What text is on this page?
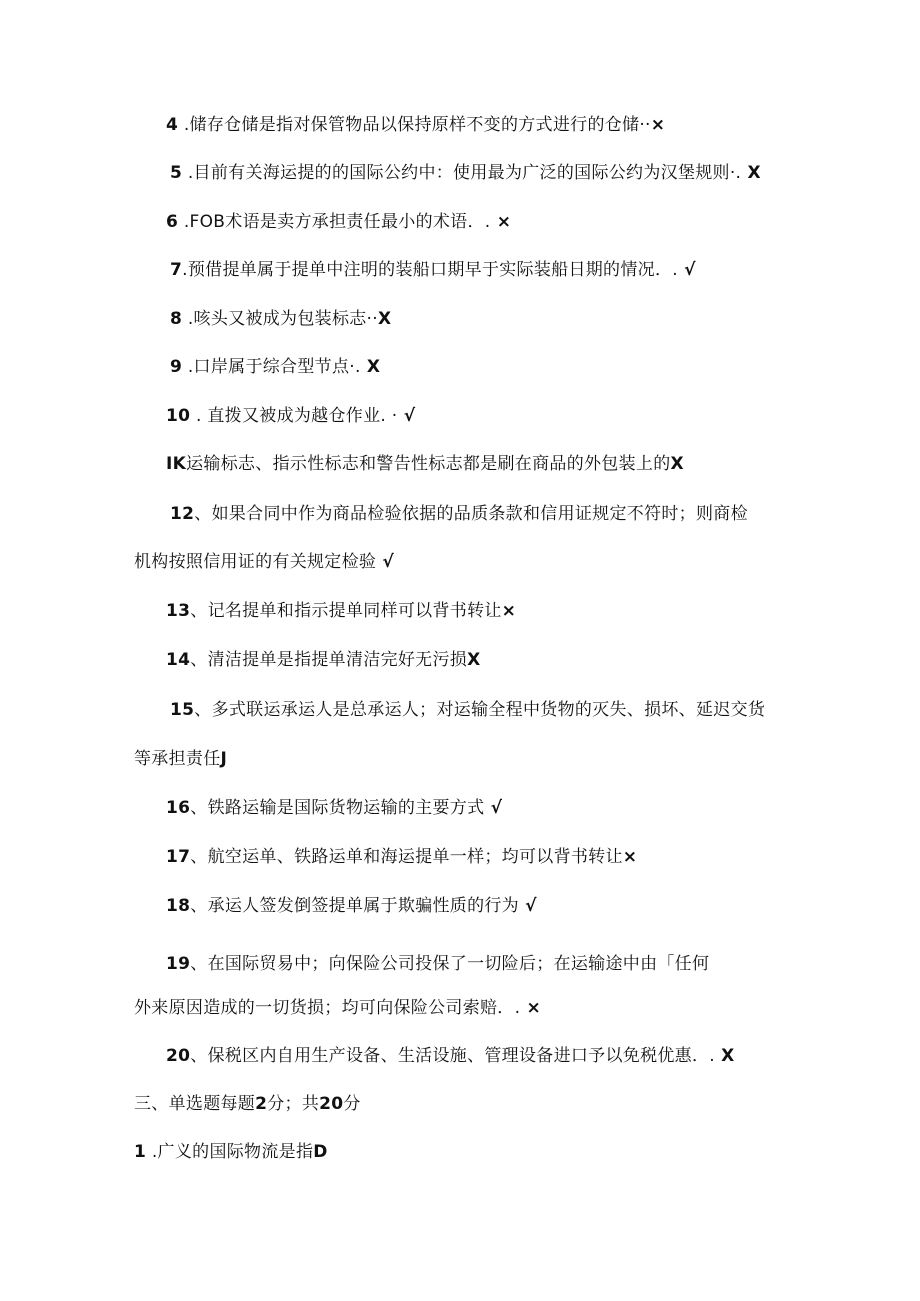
4 .储存仓储是指对保管物品以保持原样不变的方式进行的仓储··×
5 .目前有关海运提的的国际公约中：使用最为广泛的国际公约为汉堡规则·. X
6 .FOB术语是卖方承担责任最小的术语．. ×
7.预借提单属于提单中注明的装船口期早于实际装船日期的情况．. √
8 .咳头又被成为包装标志··X
9 .口岸属于综合型节点·. X
10 . 直拨又被成为越仓作业. · √
IK运输标志、指示性标志和警告性标志都是刷在商品的外包装上的X
12、如果合同中作为商品检验依据的品质条款和信用证规定不符时；则商检
机构按照信用证的有关规定检验 √
13、记名提单和指示提单同样可以背书转让×
14、清洁提单是指提单清洁完好无污损X
15、多式联运承运人是总承运人；对运输全程中货物的灭失、损坏、延迟交货
等承担责任J
16、铁路运输是国际货物运输的主要方式 √
17、航空运单、铁路运单和海运提单一样；均可以背书转让×
18、承运人签发倒签提单属于欺骗性质的行为 √
19、在国际贸易中；向保险公司投保了一切险后；在运输途中由「任何
外来原因造成的一切货损；均可向保险公司索赔．. ×
20、保税区内自用生产设备、生活设施、管理设备进口予以免税优惠．. X
三、单选题每题2分；共20分
1 .广义的国际物流是指D
